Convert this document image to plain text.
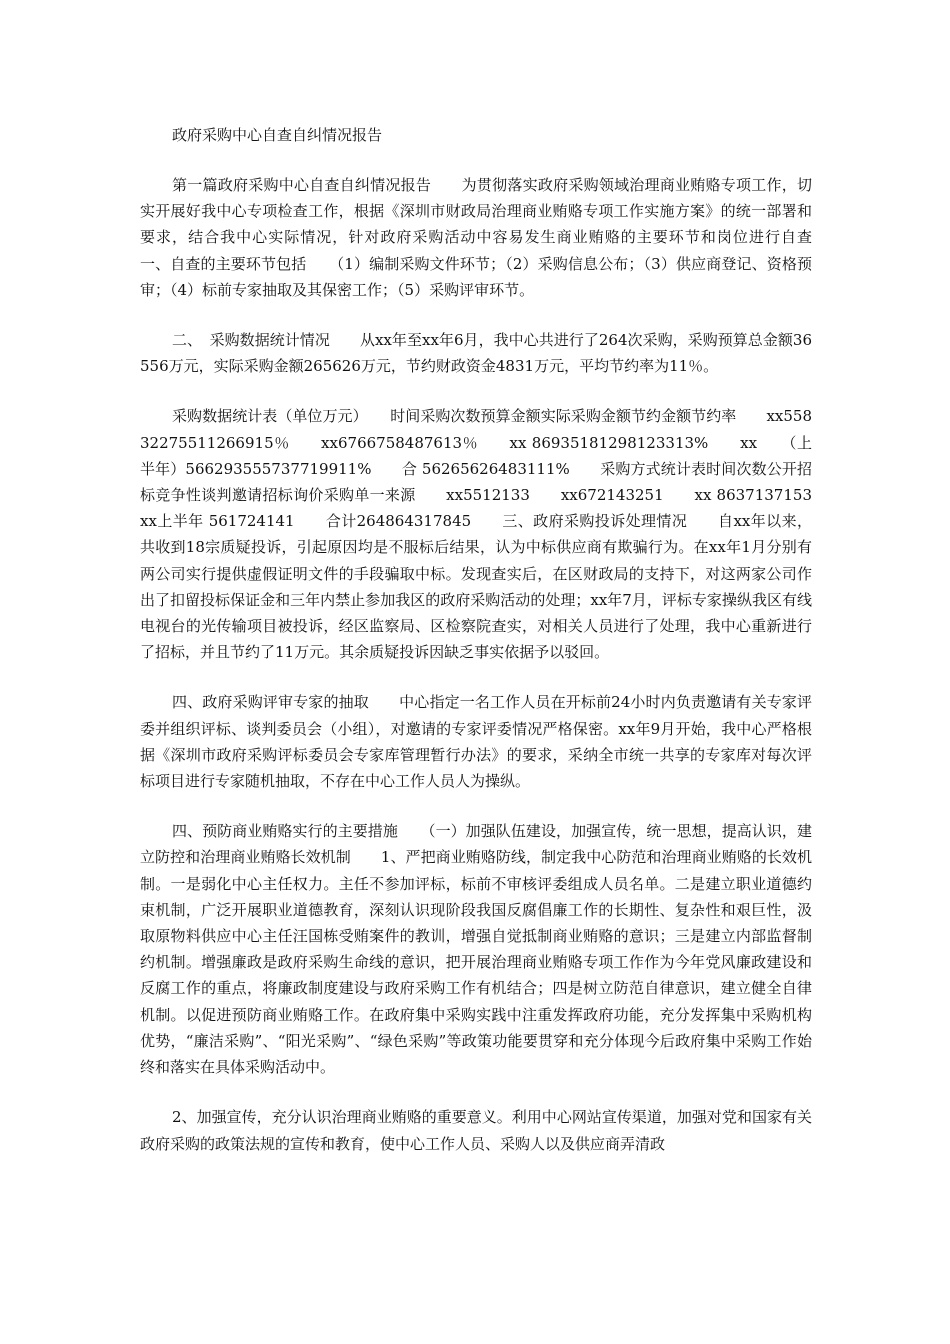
政府采购中心自查自纠情况报告

第一篇政府采购中心自查自纠情况报告　　为贯彻落实政府采购领域治理商业贿赂专项工作，切实开展好我中心专项检查工作，根据《深圳市财政局治理商业贿赂专项工作实施方案》的统一部署和要求，结合我中心实际情况，针对政府采购活动中容易发生商业贿赂的主要环节和岗位进行自查　　一、自查的主要环节包括　　（1）编制采购文件环节；（2）采购信息公布；（3）供应商登记、资格预审；（4）标前专家抽取及其保密工作；（5）采购评审环节。

二、　采购数据统计情况　　从xx年至xx年6月，我中心共进行了264次采购，采购预算总金额36556万元，实际采购金额265626万元，节约财政资金4831万元，平均节约率为11％。

采购数据统计表（单位万元）　　时间采购次数预算金额实际采购金额节约金额节约率　　xx55832275511266915％　　xx6766758487613％　　xx 86935181298123313%　　xx　　（上半年）566293555737719911%　　合 56265626483111%　　采购方式统计表时间次数公开招标竞争性谈判邀请招标询价采购单一来源　　xx5512133　　xx672143251　　xx 8637137153　　xx上半年 561724141　　合计264864317845　　三、政府采购投诉处理情况　　自xx年以来，共收到18宗质疑投诉，引起原因均是不服标后结果，认为中标供应商有欺骗行为。在xx年1月分别有两公司实行提供虚假证明文件的手段骗取中标。发现查实后，在区财政局的支持下，对这两家公司作出了扣留投标保证金和三年内禁止参加我区的政府采购活动的处理；xx年7月，评标专家操纵我区有线电视台的光传输项目被投诉，经区监察局、区检察院查实，对相关人员进行了处理，我中心重新进行了招标，并且节约了11万元。其余质疑投诉因缺乏事实依据予以驳回。

四、政府采购评审专家的抽取　　中心指定一名工作人员在开标前24小时内负责邀请有关专家评委并组织评标、谈判委员会（小组），对邀请的专家评委情况严格保密。xx年9月开始，我中心严格根据《深圳市政府采购评标委员会专家库管理暂行办法》的要求，采纳全市统一共享的专家库对每次评标项目进行专家随机抽取，不存在中心工作人员人为操纵。

四、预防商业贿赂实行的主要措施　　（一）加强队伍建设，加强宣传，统一思想，提高认识，建立防控和治理商业贿赂长效机制　　1、严把商业贿赂防线，制定我中心防范和治理商业贿赂的长效机制。一是弱化中心主任权力。主任不参加评标，标前不审核评委组成人员名单。二是建立职业道德约束机制，广泛开展职业道德教育，深刻认识现阶段我国反腐倡廉工作的长期性、复杂性和艰巨性，汲取原物料供应中心主任汪国栋受贿案件的教训，增强自觉抵制商业贿赂的意识；三是建立内部监督制约机制。增强廉政是政府采购生命线的意识，把开展治理商业贿赂专项工作作为今年党风廉政建设和反腐工作的重点，将廉政制度建设与政府采购工作有机结合；四是树立防范自律意识，建立健全自律机制。以促进预防商业贿赂工作。在政府集中采购实践中注重发挥政府功能，充分发挥集中采购机构优势，“廉洁采购”、“阳光采购”、“绿色采购”等政策功能要贯穿和充分体现今后政府集中采购工作始终和落实在具体采购活动中。

2、加强宣传，充分认识治理商业贿赂的重要意义。利用中心网站宣传渠道，加强对党和国家有关政府采购的政策法规的宣传和教育，使中心工作人员、采购人以及供应商弄清政
